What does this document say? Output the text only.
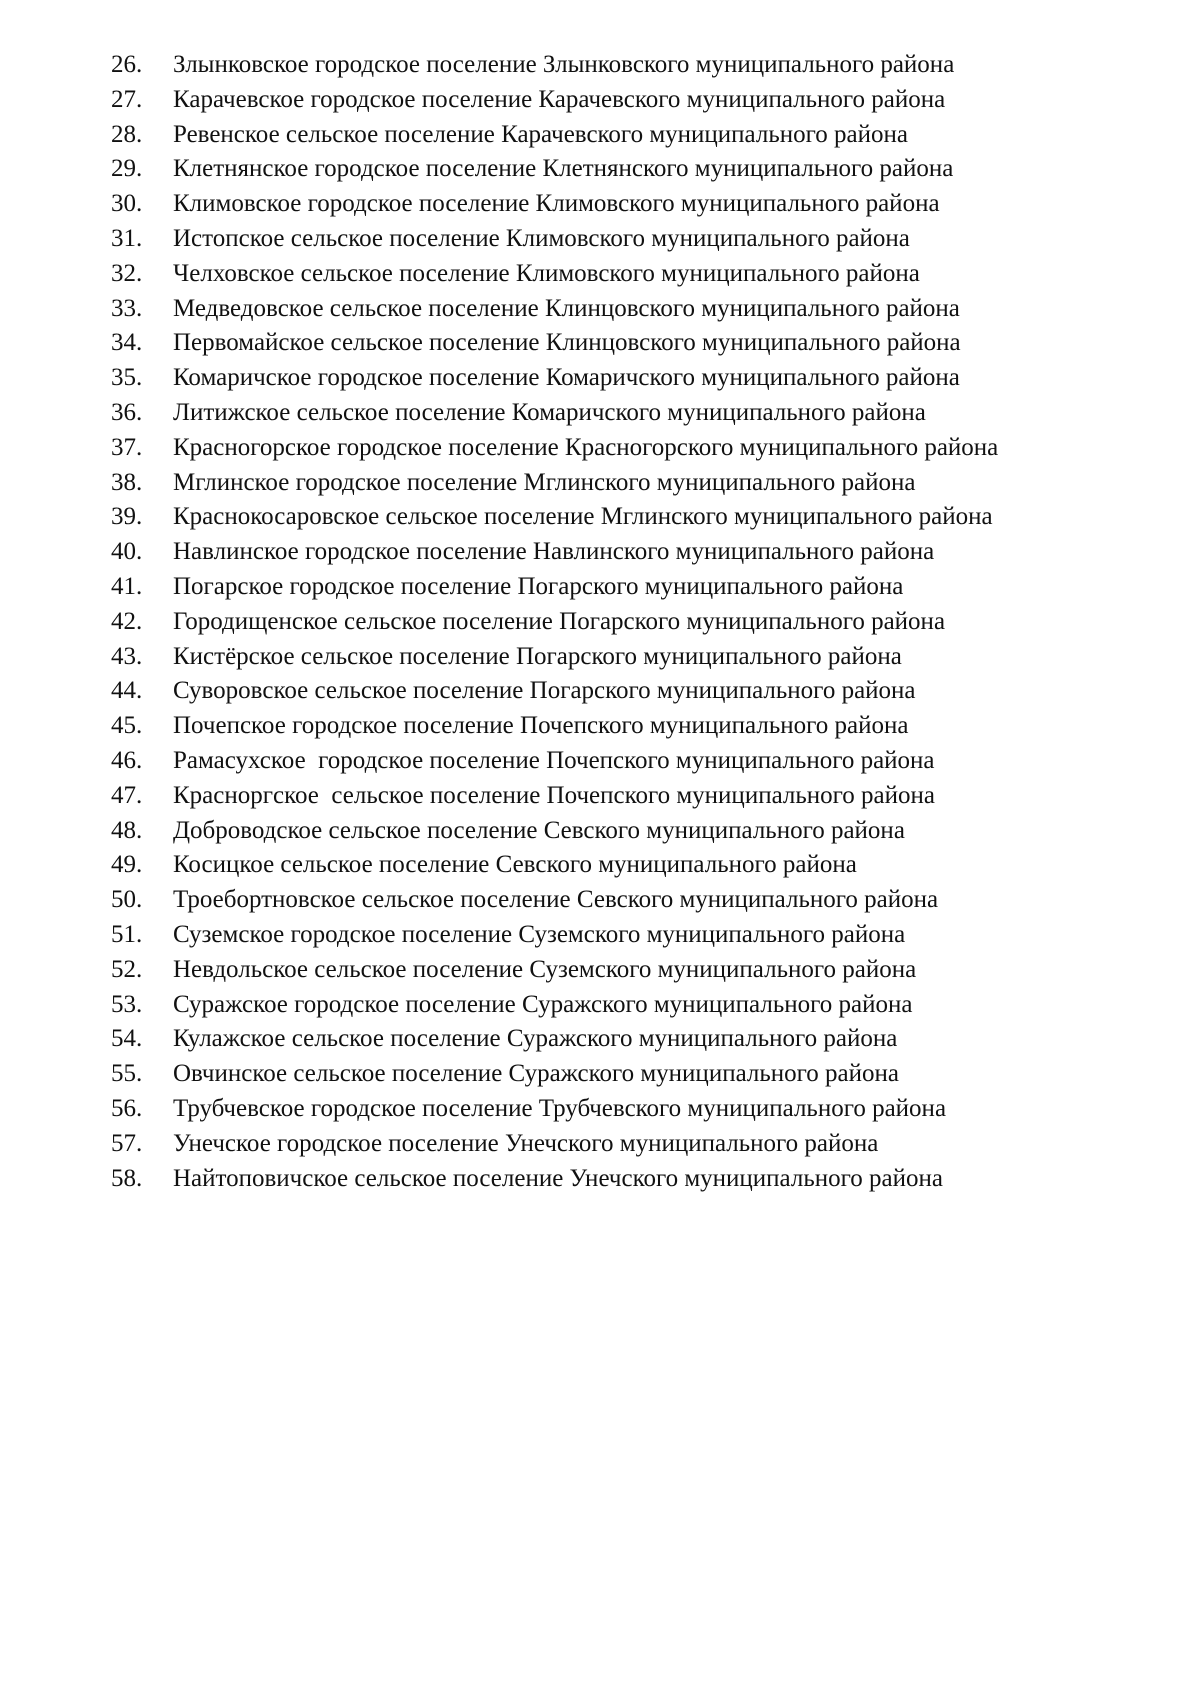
26.	Злынковское городское поселение Злынковского муниципального района
27.	Карачевское городское поселение Карачевского муниципального района
28.	Ревенское сельское поселение Карачевского муниципального района
29.	Клетнянское городское поселение Клетнянского муниципального района
30.	Климовское городское поселение Климовского муниципального района
31.	Истопское сельское поселение Климовского муниципального района
32.	Челховское сельское поселение Климовского муниципального района
33.	Медведовское сельское поселение Клинцовского муниципального района
34.	Первомайское сельское поселение Клинцовского муниципального района
35.	Комаричское городское поселение Комаричского муниципального района
36.	Литижское сельское поселение Комаричского муниципального района
37.	Красногорское городское поселение Красногорского муниципального района
38.	Мглинское городское поселение Мглинского муниципального района
39.	Краснокосаровское сельское поселение Мглинского муниципального района
40.	Навлинское городское поселение Навлинского муниципального района
41.	Погарское городское поселение Погарского муниципального района
42.	Городищенское сельское поселение Погарского муниципального района
43.	Кистёрское сельское поселение Погарского муниципального района
44.	Суворовское сельское поселение Погарского муниципального района
45.	Почепское городское поселение Почепского муниципального района
46.	Рамасухское  городское поселение Почепского муниципального района
47.	Красноргское  сельское поселение Почепского муниципального района
48.	Доброводское сельское поселение Севского муниципального района
49.	Косицкое сельское поселение Севского муниципального района
50.	Троебортновское сельское поселение Севского муниципального района
51.	Суземское городское поселение Суземского муниципального района
52.	Невдольское сельское поселение Суземского муниципального района
53.	Суражское городское поселение Суражского муниципального района
54.	Кулажское сельское поселение Суражского муниципального района
55.	Овчинское сельское поселение Суражского муниципального района
56.	Трубчевское городское поселение Трубчевского муниципального района
57.	Унечское городское поселение Унечского муниципального района
58.	Найтоповичское сельское поселение Унечского муниципального района
